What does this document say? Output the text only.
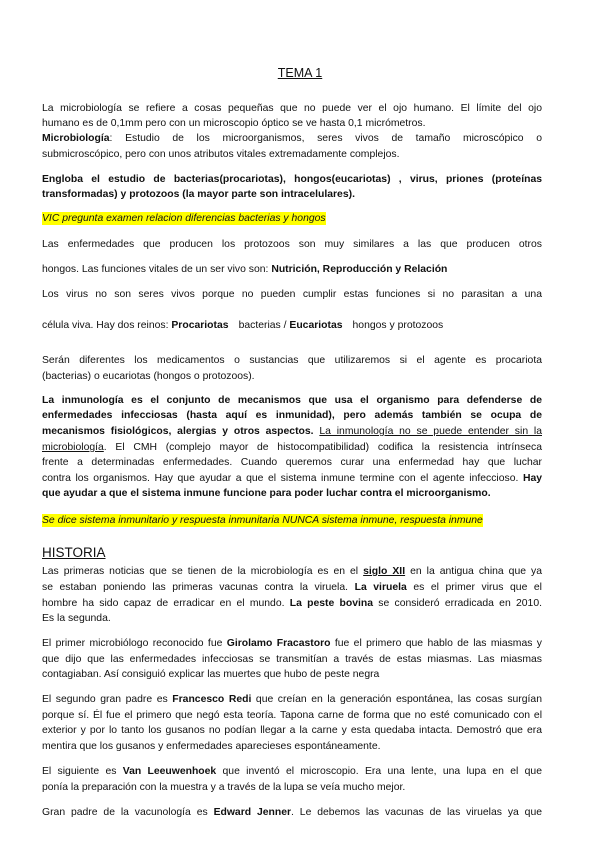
TEMA 1

La microbiología se refiere a cosas pequeñas que no puede ver el ojo humano. El límite del ojo

humano es de 0,1mm pero con un microscopio óptico se ve hasta 0,1 micrómetros.

Microbiología: Estudio de los microorganismos, seres vivos de tamaño microscópico o

submicroscópico, pero con unos atributos vitales extremadamente complejos.

Engloba el estudio de bacterias(procariotas), hongos(eucariotas) , virus, priones (proteínas

transformadas) y protozoos (la mayor parte son intracelulares).

VIC pregunta examen relacion diferencias bacterias y hongos

Las enfermedades que producen los protozoos son muy similares a las que producen otros

hongos. Las funciones vitales de un ser vivo son: Nutrición, Reproducción y Relación

Los virus no son seres vivos porque no pueden cumplir estas funciones si no parasitan a una

célula viva. Hay dos reinos: Procariotas bacterias / Eucariotas hongos y protozoos

Serán diferentes los medicamentos o sustancias que utilizaremos si el agente es procariota

(bacterias) o eucariotas (hongos o protozoos).

La inmunología es el conjunto de mecanismos que usa el organismo para defenderse de

enfermedades infecciosas (hasta aquí es inmunidad), pero además también se ocupa de

mecanismos fisiológicos, alergias y otros aspectos. La inmunología no se puede entender sin la

microbiología. El CMH (complejo mayor de histocompatibilidad) codifica la resistencia intrínseca

frente a determinadas enfermedades. Cuando queremos curar una enfermedad hay que luchar

contra los organismos. Hay que ayudar a que el sistema inmune termine con el agente infeccioso. Hay

que ayudar a que el sistema inmune funcione para poder luchar contra el microorganismo.

Se dice sistema inmunitario y respuesta inmunitaria NUNCA sistema inmune, respuesta inmune

HISTORIA

Las primeras noticias que se tienen de la microbiología es en el siglo XII en la antigua china que ya

se estaban poniendo las primeras vacunas contra la viruela. La viruela es el primer virus que el

hombre ha sido capaz de erradicar en el mundo. La peste bovina se consideró erradicada en 2010.

Es la segunda.

El primer microbiólogo reconocido fue Girolamo Fracastoro fue el primero que hablo de las miasmas y

que dijo que las enfermedades infecciosas se transmitían a través de estas miasmas. Las miasmas

contagiaban. Así consiguió explicar las muertes que hubo de peste negra

El segundo gran padre es Francesco Redi que creían en la generación espontánea, las cosas surgían

porque sí. Él fue el primero que negó esta teoría. Tapona carne de forma que no esté comunicado con el

exterior y por lo tanto los gusanos no podían llegar a la carne y esta quedaba intacta. Demostró que era

mentira que los gusanos y enfermedades aparecieses espontáneamente.

El siguiente es Van Leeuwenhoek que inventó el microscopio. Era una lente, una lupa en el que

ponía la preparación con la muestra y a través de la lupa se veía mucho mejor.

Gran padre de la vacunología es Edward Jenner. Le debemos las vacunas de las viruelas ya que
